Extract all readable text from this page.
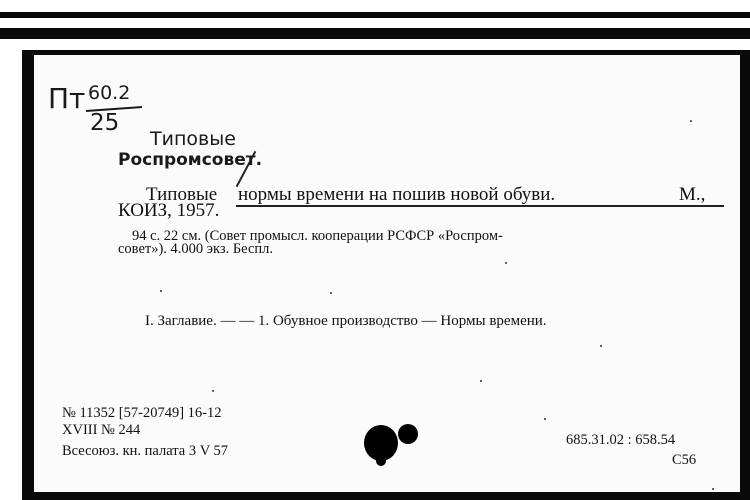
Пт 60.2
25
Типовые
Роспромсовет.
Типовые нормы времени на пошив новой обуви.	М.,
КОИЗ, 1957.
94 с. 22 см. (Совет промысл. кооперации РСФСР «Роспром-
совет»). 4.000 экз. Беспл.
I. Заглавие. — — 1. Обувное производство — Нормы времени.
№ 11352 [57-20749] 16-12
XVIII № 244
Всесоюз. кн. палата 3 V 57
685.31.02 : 658.54
С56
